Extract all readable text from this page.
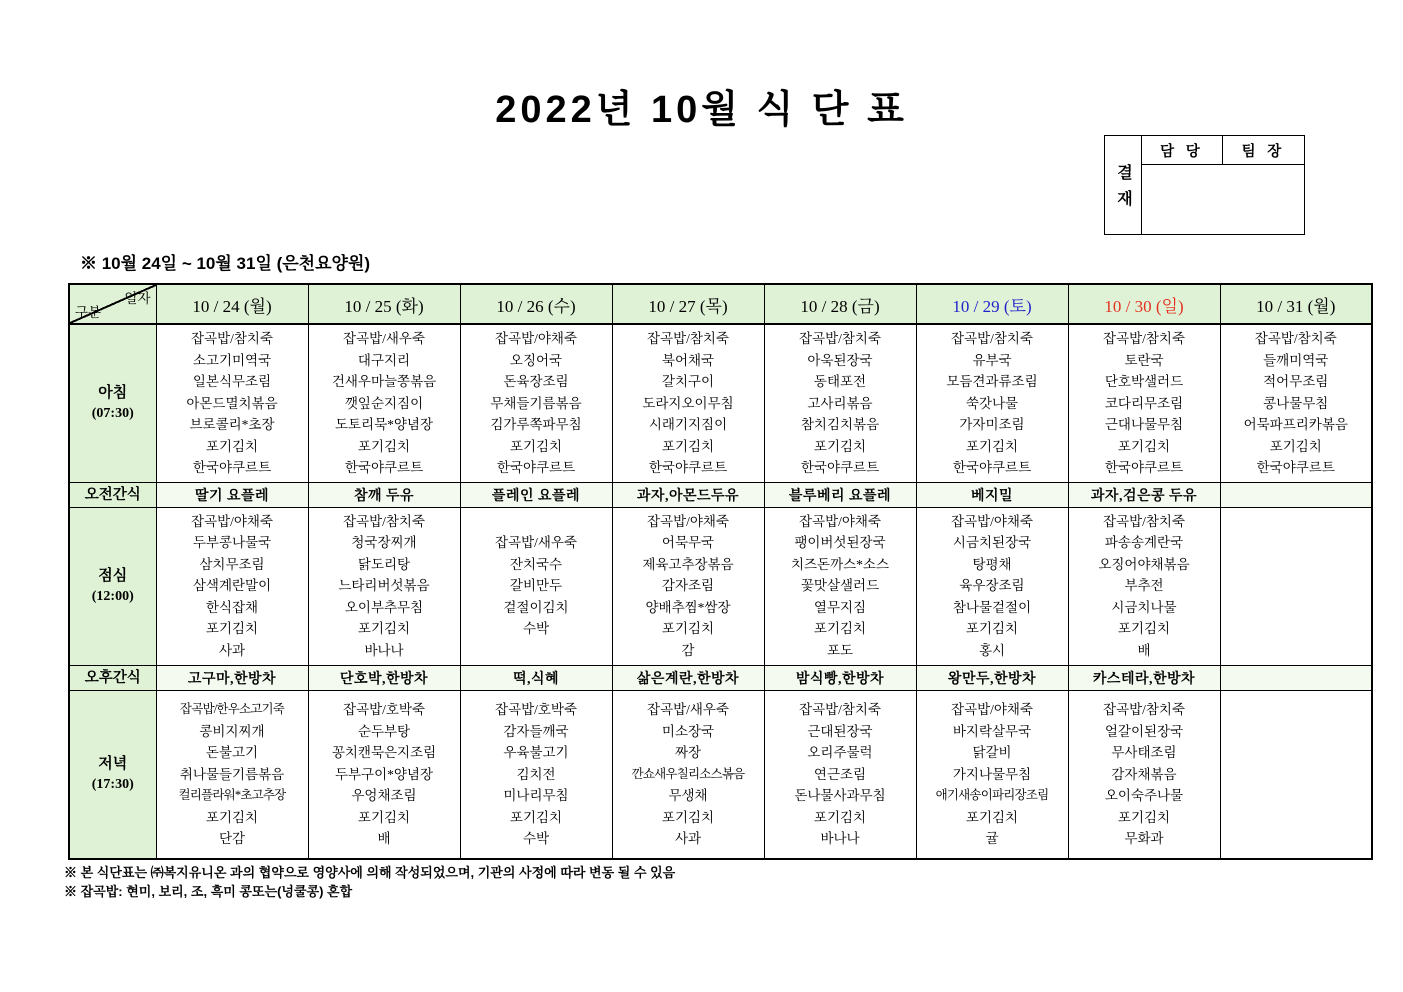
2022년 10월 식 단 표
결재
담 당	팀 장
※ 10월 24일 ~ 10월 31일 (은천요양원)
일자
구분	10 / 24 (월)	10 / 25 (화)	10 / 26 (수)	10 / 27 (목)	10 / 28 (금)	10 / 29 (토)	10 / 30 (일)	10 / 31 (월)
아침
(07:30)	
잡곡밥/참치죽
소고기미역국
일본식무조림
아몬드멸치볶음
브로콜리*초장
포기김치
한국야쿠르트

잡곡밥/새우죽
대구지리
건새우마늘쫑볶음
깻잎순지짐이
도토리묵*양념장
포기김치
한국야쿠르트

잡곡밥/야채죽
오징어국
돈육장조림
무채들기름볶음
김가루쪽파무침
포기김치
한국야쿠르트

잡곡밥/참치죽
북어채국
갈치구이
도라지오이무침
시래기지짐이
포기김치
한국야쿠르트

잡곡밥/참치죽
아욱된장국
동태포전
고사리볶음
참치김치볶음
포기김치
한국야쿠르트

잡곡밥/참치죽
유부국
모듬견과류조림
쑥갓나물
가자미조림
포기김치
한국야쿠르트

잡곡밥/참치죽
토란국
단호박샐러드
코다리무조림
근대나물무침
포기김치
한국야쿠르트

잡곡밥/참치죽
들깨미역국
적어무조림
콩나물무침
어묵파프리카볶음
포기김치
한국야쿠르트

오전간식	딸기 요플레	참깨 두유	플레인 요플레	과자,아몬드두유	블루베리 요플레	베지밀	과자,검은콩 두유	
점심
(12:00)	
잡곡밥/야채죽
두부콩나물국
삼치무조림
삼색계란말이
한식잡채
포기김치
사과

잡곡밥/참치죽
청국장찌개
닭도리탕
느타리버섯볶음
오이부추무침
포기김치
바나나

잡곡밥/새우죽
잔치국수
갈비만두
겉절이김치
수박

잡곡밥/야채죽
어묵무국
제육고추장볶음
감자조림
양배추찜*쌈장
포기김치
감

잡곡밥/야채죽
팽이버섯된장국
치즈돈까스*소스
꽃맛살샐러드
열무지짐
포기김치
포도

잡곡밥/야채죽
시금치된장국
탕평채
육우장조림
참나물겉절이
포기김치
홍시

잡곡밥/참치죽
파송송계란국
오징어야채볶음
부추전
시금치나물
포기김치
배

오후간식	고구마,한방차	단호박,한방차	떡,식혜	삶은계란,한방차	밤식빵,한방차	왕만두,한방차	카스테라,한방차	
저녁
(17:30)	
잡곡밥/한우소고기죽
콩비지찌개
돈불고기
취나물들기름볶음
컬리플라워*초고추장
포기김치
단감

잡곡밥/호박죽
순두부탕
꽁치캔묵은지조림
두부구이*양념장
우엉채조림
포기김치
배

잡곡밥/호박죽
감자들깨국
우육불고기
김치전
미나리무침
포기김치
수박

잡곡밥/새우죽
미소장국
짜장
깐쇼새우칠리소스볶음
무생채
포기김치
사과

잡곡밥/참치죽
근대된장국
오리주물럭
연근조림
돈나물사과무침
포기김치
바나나

잡곡밥/야채죽
바지락살무국
닭갈비
가지나물무침
애기새송이파리장조림
포기김치
귤

잡곡밥/참치죽
얼갈이된장국
무사태조림
감자채볶음
오이숙주나물
포기김치
무화과

※ 본 식단표는 ㈜복지유니온 과의 협약으로 영양사에 의해 작성되었으며, 기관의 사정에 따라 변동 될 수 있음
※ 잡곡밥: 현미, 보리, 조, 흑미 콩또는(넝쿨콩) 혼합
